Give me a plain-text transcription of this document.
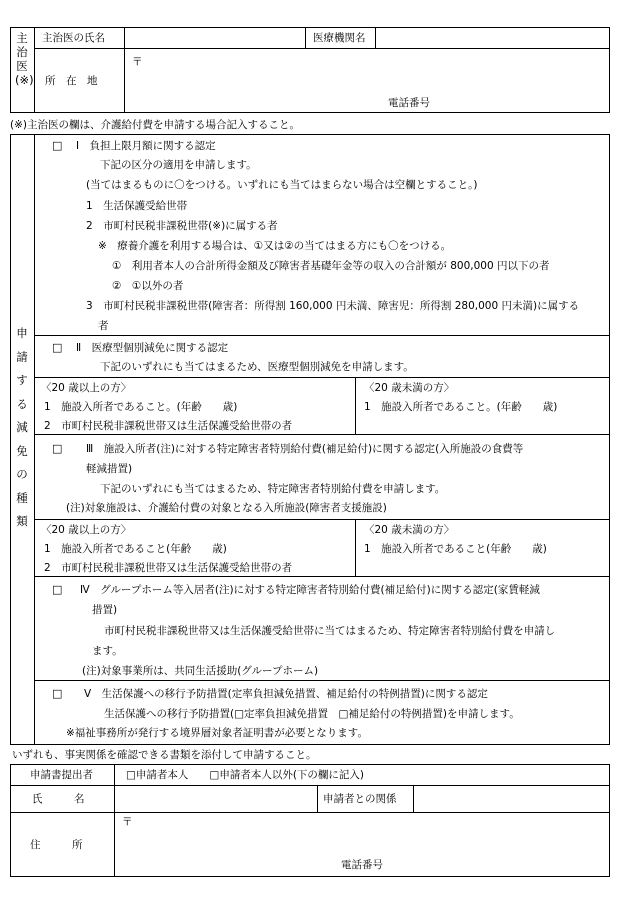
主治医(※)
主治医の氏名	医療機関名
所　在　地
〒
電話番号
(※)主治医の欄は、介護給付費を申請する場合記入すること。
申請する減免の種類
□ Ⅰ　負担上限月額に関する認定
下記の区分の適用を申請します。
(当てはまるものに〇をつける。いずれにも当てはまらない場合は空欄とすること。)
1　生活保護受給世帯
2　市町村民税非課税世帯(※)に属する者
※　療養介護を利用する場合は、①又は②の当てはまる方にも〇をつける。
①　利用者本人の合計所得金額及び障害者基礎年金等の収入の合計額が 800,000 円以下の者
②　①以外の者
3　市町村民税非課税世帯(障害者：所得割 160,000 円未満、障害児：所得割 280,000 円未満)に属する
者
□ Ⅱ　医療型個別減免に関する認定
下記のいずれにも当てはまるため、医療型個別減免を申請します。
〈20 歳以上の方〉
1　施設入所者であること。(年齢　　歳)
2　市町村民税非課税世帯又は生活保護受給世帯の者
〈20 歳未満の方〉
1　施設入所者であること。(年齢　　歳)
□ Ⅲ　施設入所者(注)に対する特定障害者特別給付費(補足給付)に関する認定(入所施設の食費等
軽減措置)
下記のいずれにも当てはまるため、特定障害者特別給付費を申請します。
(注)対象施設は、介護給付費の対象となる入所施設(障害者支援施設)
〈20 歳以上の方〉
1　施設入所者であること(年齢　　歳)
2　市町村民税非課税世帯又は生活保護受給世帯の者
〈20 歳未満の方〉
1　施設入所者であること(年齢　　歳)
□ Ⅳ　グループホーム等入居者(注)に対する特定障害者特別給付費(補足給付)に関する認定(家賃軽減
措置)
市町村民税非課税世帯又は生活保護受給世帯に当てはまるため、特定障害者特別給付費を申請し
ます。
(注)対象事業所は、共同生活援助(グループホーム)
□ Ⅴ　生活保護への移行予防措置(定率負担減免措置、補足給付の特例措置)に関する認定
生活保護への移行予防措置(□定率負担減免措置　□補足給付の特例措置)を申請します。
※福祉事務所が発行する境界層対象者証明書が必要となります。
いずれも、事実関係を確認できる書類を添付して申請すること。
申請書提出者	□申請者本人　　□申請者本人以外(下の欄に記入)
氏　　　名	申請者との関係
住　　　所
〒
電話番号
